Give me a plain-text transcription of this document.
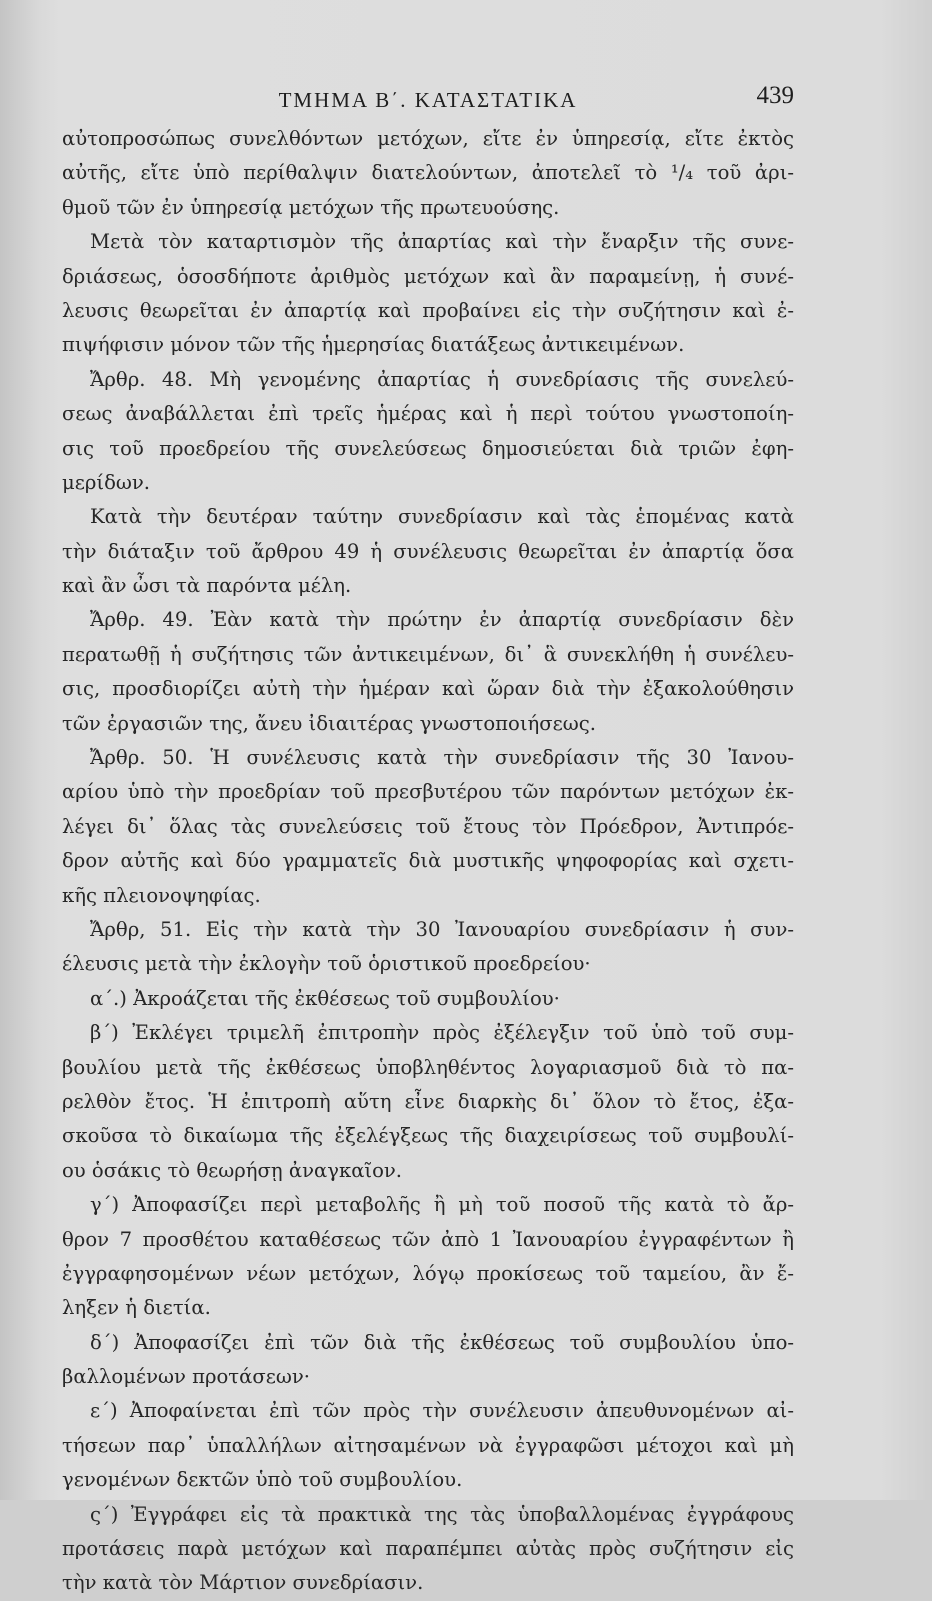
ΤΜΗΜΑ Β΄. ΚΑΤΑΣΤΑΤΙΚΑ	439
αὐτοπροσώπως συνελθόντων μετόχων, εἴτε ἐν ὑπηρεσίᾳ, εἴτε ἐκτὸς
αὐτῆς, εἴτε ὑπὸ περίθαλψιν διατελούντων, ἀποτελεῖ τὸ ¹/₄ τοῦ ἀρι-
θμοῦ τῶν ἐν ὑπηρεσίᾳ μετόχων τῆς πρωτευούσης.
Μετὰ τὸν καταρτισμὸν τῆς ἀπαρτίας καὶ τὴν ἔναρξιν τῆς συνε-
δριάσεως, ὁσοσδήποτε ἀριθμὸς μετόχων καὶ ἂν παραμείνῃ, ἡ συνέ-
λευσις θεωρεῖται ἐν ἀπαρτίᾳ καὶ προβαίνει εἰς τὴν συζήτησιν καὶ ἐ-
πιψήφισιν μόνον τῶν τῆς ἡμερησίας διατάξεως ἀντικειμένων.
Ἄρθρ. 48. Μὴ γενομένης ἀπαρτίας ἡ συνεδρίασις τῆς συνελεύ-
σεως ἀναβάλλεται ἐπὶ τρεῖς ἡμέρας καὶ ἡ περὶ τούτου γνωστοποίη-
σις τοῦ προεδρείου τῆς συνελεύσεως δημοσιεύεται διὰ τριῶν ἐφη-
μερίδων.
Κατὰ τὴν δευτέραν ταύτην συνεδρίασιν καὶ τὰς ἑπομένας κατὰ
τὴν διάταξιν τοῦ ἄρθρου 49 ἡ συνέλευσις θεωρεῖται ἐν ἀπαρτίᾳ ὅσα
καὶ ἂν ὦσι τὰ παρόντα μέλη.
Ἄρθρ. 49. Ἐὰν κατὰ τὴν πρώτην ἐν ἀπαρτίᾳ συνεδρίασιν δὲν
περατωθῇ ἡ συζήτησις τῶν ἀντικειμένων, δι᾽ ἃ συνεκλήθη ἡ συνέλευ-
σις, προσδιορίζει αὐτὴ τὴν ἡμέραν καὶ ὥραν διὰ τὴν ἐξακολούθησιν
τῶν ἐργασιῶν της, ἄνευ ἰδιαιτέρας γνωστοποιήσεως.
Ἄρθρ. 50. Ἡ συνέλευσις κατὰ τὴν συνεδρίασιν τῆς 30 Ἰανου-
αρίου ὑπὸ τὴν προεδρίαν τοῦ πρεσβυτέρου τῶν παρόντων μετόχων ἐκ-
λέγει δι᾽ ὅλας τὰς συνελεύσεις τοῦ ἔτους τὸν Πρόεδρον, Ἀντιπρόε-
δρον αὐτῆς καὶ δύο γραμματεῖς διὰ μυστικῆς ψηφοφορίας καὶ σχετι-
κῆς πλειονοψηφίας.
Ἄρθρ, 51. Εἰς τὴν κατὰ τὴν 30 Ἰανουαρίου συνεδρίασιν ἡ συν-
έλευσις μετὰ τὴν ἐκλογὴν τοῦ ὁριστικοῦ προεδρείου·
α΄.) Ἀκροάζεται τῆς ἐκθέσεως τοῦ συμβουλίου·
β΄) Ἐκλέγει τριμελῆ ἐπιτροπὴν πρὸς ἐξέλεγξιν τοῦ ὑπὸ τοῦ συμ-
βουλίου μετὰ τῆς ἐκθέσεως ὑποβληθέντος λογαριασμοῦ διὰ τὸ πα-
ρελθὸν ἔτος. Ἡ ἐπιτροπὴ αὕτη εἶνε διαρκὴς δι᾽ ὅλον τὸ ἔτος, ἐξα-
σκοῦσα τὸ δικαίωμα τῆς ἐξελέγξεως τῆς διαχειρίσεως τοῦ συμβουλί-
ου ὁσάκις τὸ θεωρήσῃ ἀναγκαῖον.
γ΄) Ἀποφασίζει περὶ μεταβολῆς ἢ μὴ τοῦ ποσοῦ τῆς κατὰ τὸ ἄρ-
θρον 7 προσθέτου καταθέσεως τῶν ἀπὸ 1 Ἰανουαρίου ἐγγραφέντων ἢ
ἐγγραφησομένων νέων μετόχων, λόγῳ προκίσεως τοῦ ταμείου, ἂν ἔ-
ληξεν ἡ διετία.
δ΄) Ἀποφασίζει ἐπὶ τῶν διὰ τῆς ἐκθέσεως τοῦ συμβουλίου ὑπο-
βαλλομένων προτάσεων·
ε΄) Ἀποφαίνεται ἐπὶ τῶν πρὸς τὴν συνέλευσιν ἀπευθυνομένων αἰ-
τήσεων παρ᾽ ὑπαλλήλων αἰτησαμένων νὰ ἐγγραφῶσι μέτοχοι καὶ μὴ
γενομένων δεκτῶν ὑπὸ τοῦ συμβουλίου.
ς΄) Ἐγγράφει εἰς τὰ πρακτικὰ της τὰς ὑποβαλλομένας ἐγγράφους
προτάσεις παρὰ μετόχων καὶ παραπέμπει αὐτὰς πρὸς συζήτησιν εἰς
τὴν κατὰ τὸν Μάρτιον συνεδρίασιν.
